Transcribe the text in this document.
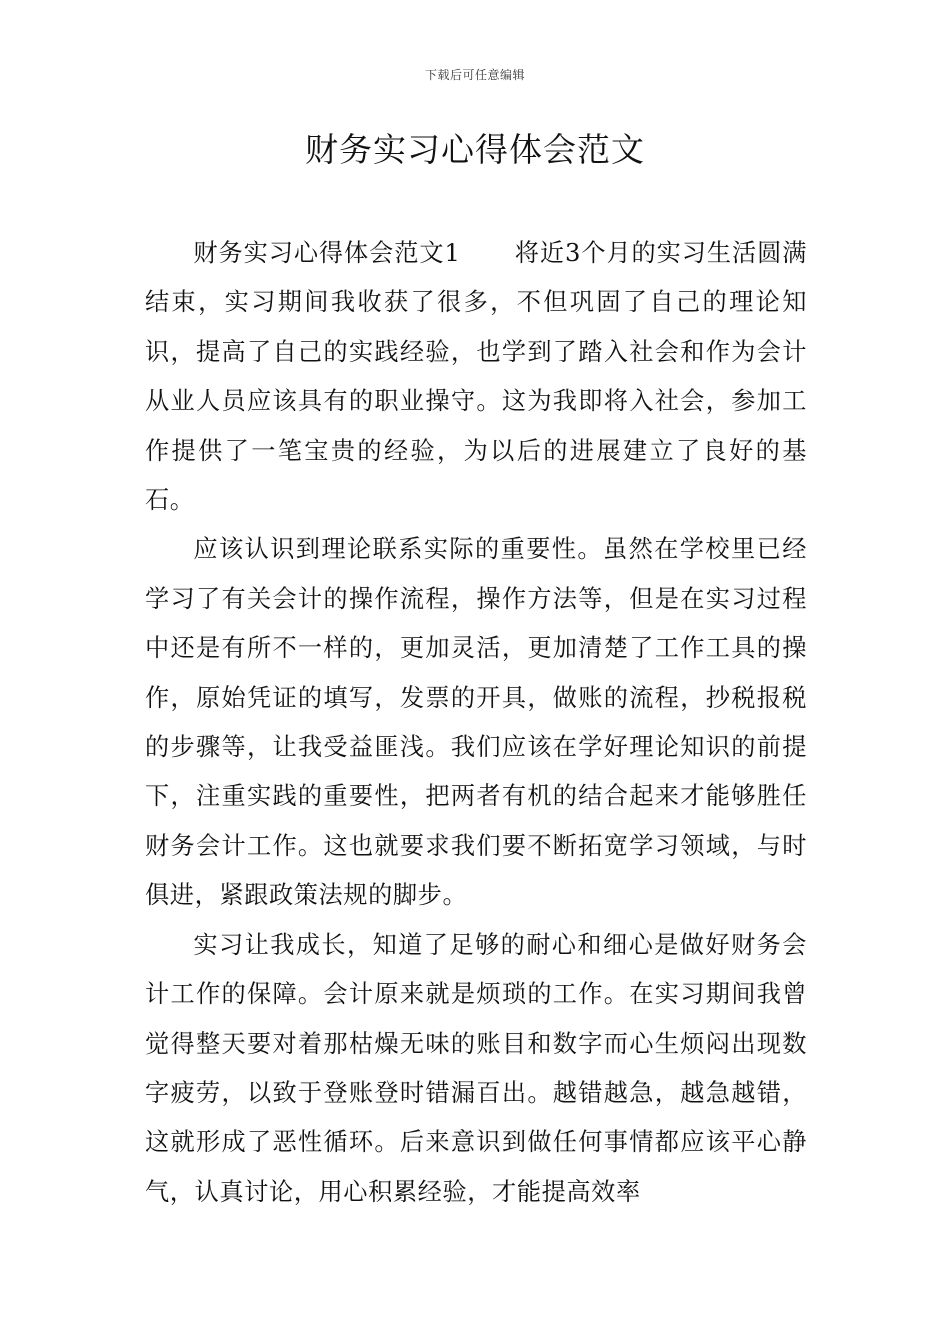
下载后可任意编辑
财务实习心得体会范文

财务实习心得体会范文1 将近3个月的实习生活圆满结束，实习期间我收获了很多，不但巩固了自己的理论知识，提高了自己的实践经验，也学到了踏入社会和作为会计从业人员应该具有的职业操守。这为我即将入社会，参加工作提供了一笔宝贵的经验，为以后的进展建立了良好的基石。

应该认识到理论联系实际的重要性。虽然在学校里已经学习了有关会计的操作流程，操作方法等，但是在实习过程中还是有所不一样的，更加灵活，更加清楚了工作工具的操作，原始凭证的填写，发票的开具，做账的流程，抄税报税的步骤等，让我受益匪浅。我们应该在学好理论知识的前提下，注重实践的重要性，把两者有机的结合起来才能够胜任财务会计工作。这也就要求我们要不断拓宽学习领域，与时俱进，紧跟政策法规的脚步。

实习让我成长，知道了足够的耐心和细心是做好财务会计工作的保障。会计原来就是烦琐的工作。在实习期间我曾觉得整天要对着那枯燥无味的账目和数字而心生烦闷出现数字疲劳，以致于登账登时错漏百出。越错越急，越急越错，这就形成了恶性循环。后来意识到做任何事情都应该平心静气，认真讨论，用心积累经验，才能提高效率
